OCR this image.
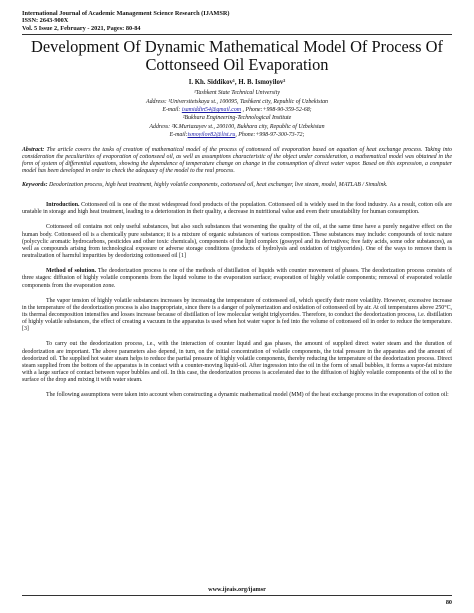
International Journal of Academic Management Science Research (IJAMSR)
ISSN: 2643-900X
Vol. 5 Issue 2, February - 2021, Pages: 80-84
Development Of Dynamic Mathematical Model Of Process Of Cottonseed Oil Evaporation
I. Kh. Siddikov¹, H. B. Ismoyilov²
¹Tashkent State Technical University
Address: ¹Universitetskaya st., 100095, Tashkent city, Republic of Uzbekistan
E-mail: isamiddin54@gmail.com , Phone:+998-90-359-52-68;
²Bukhara Engineering-Technological Institute
Address: ²K.Murtazayev st., 200100, Bukhara city, Republic of Uzbekistan
E-mail:ismoyilov82@list.ru, Phone:+998-97-300-73-72;
Abstract: The article covers the tasks of creation of mathematical model of the process of cottonseed oil evaporation based on equation of heat exchange process. Taking into consideration the peculiarities of evaporation of cottonseed oil, as well as assumptions characteristic of the object under consideration, a mathematical model was obtained in the form of system of differential equations, showing the dependence of temperature change on change in the consumption of direct water vapor. Based on this expression, a computer model has been developed in order to check the adequacy of the model to the real process.
Keywords: Deodorization process, high heat treatment, highly volatile components, cottonseed oil, heat exchanger, live steam, model, MATLAB / Simulink.

Introduction. Cottonseed oil is one of the most widespread food products of the population. Cottonseed oil is widely used in the food industry. As a result, cotton oils are unstable in storage and high heat treatment, leading to a deterioration in their quality, a decrease in nutritional value and even their unsuitability for human consumption.

Cottonseed oil contains not only useful substances, but also such substances that worsening the quality of the oil, at the same time have a purely negative effect on the human body. Cottonseed oil is a chemically pure substance; it is a mixture of organic substances of various composition. These substances may include: compounds of toxic nature (polycyclic aromatic hydrocarbons, pesticides and other toxic chemicals), components of the lipid complex (gossypol and its derivatives; free fatty acids, some odor substances), as well as compounds arising from technological exposure or adverse storage conditions (products of hydrolysis and oxidation of triglycerides). One of the ways to remove them is neutralization of harmful impurities by deodorizing cottonseed oil [1]

Method of solution. The deodorization process is one of the methods of distillation of liquids with counter movement of phases. The deodorization process consists of three stages: diffusion of highly volatile components from the liquid volume to the evaporation surface; evaporation of highly volatile components; removal of evaporated volatile components from the evaporation zone.

The vapor tension of highly volatile substances increases by increasing the temperature of cottonseed oil, which specify their more volatility. However, excessive increase in the temperature of the deodorization process is also inappropriate, since there is a danger of polymerization and oxidation of cottonseed oil by air. At oil temperatures above 250°C, its thermal decomposition intensifies and losses increase because of distillation of low molecular weight triglycerides. Therefore, to conduct the deodorization process, i.e. distillation of highly volatile substances, the effect of creating a vacuum in the apparatus is used when hot water vapor is fed into the volume of cottonseed oil in order to reduce the temperature. [3]

To carry out the deodorization process, i.e., with the interaction of counter liquid and gas phases, the amount of supplied direct water steam and the duration of deodorization are important. The above parameters also depend, in turn, on the initial concentration of volatile components, the total pressure in the apparatus and the amount of deodorized oil. The supplied hot water steam helps to reduce the partial pressure of highly volatile components, thereby reducing the temperature of the deodorization process. Direct steam supplied from the bottom of the apparatus is in contact with a counter-moving liquid-oil. After ingression into the oil in the form of small bubbles, it forms a vapor-fat mixture with a large surface of contact between vapor bubbles and oil. In this case, the deodorization process is accelerated due to the diffusion of highly volatile components of the oil to the surface of the drop and mixing it with water steam.

The following assumptions were taken into account when constructing a dynamic mathematical model (MM) of the heat exchange process in the evaporation of cotton oil:

www.ijeais.org/ijamsr
80
